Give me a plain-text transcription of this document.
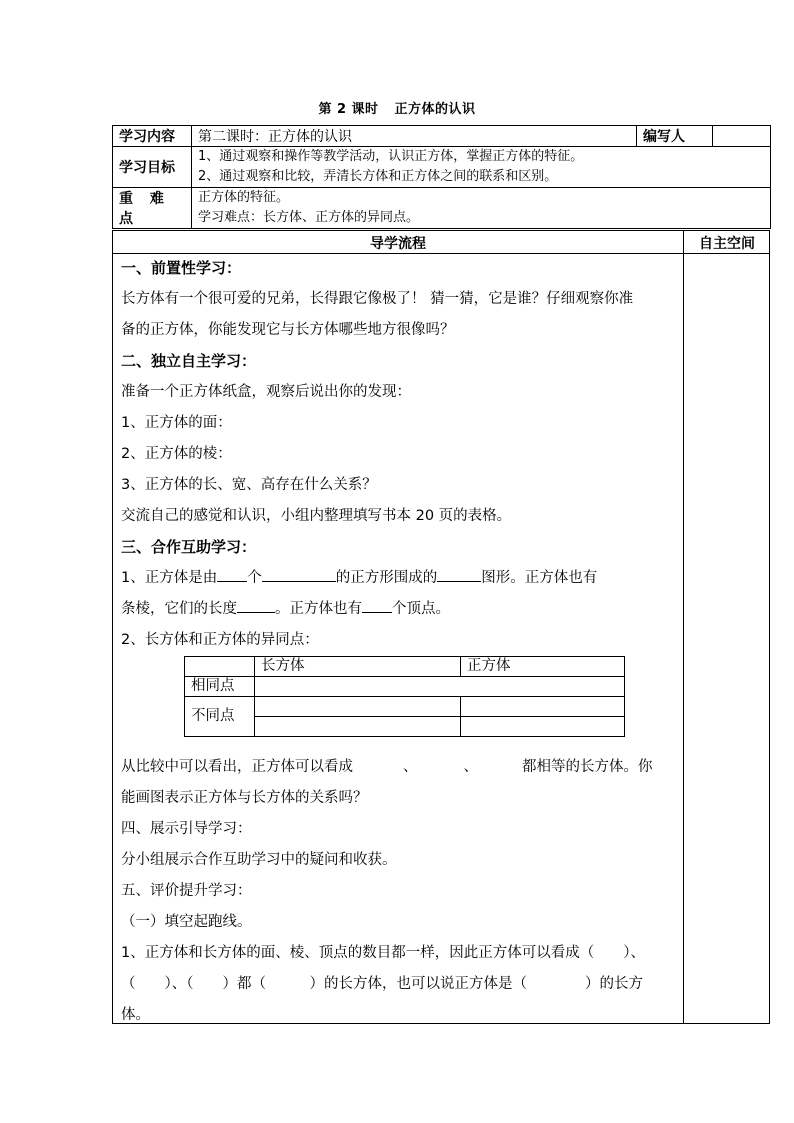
第 2 课时 正方体的认识
学习内容	第二课时：正方体的认识	编写人	
学习目标	1、通过观察和操作等教学活动，认识正方体，掌握正方体的特征。
2、通过观察和比较，弄清长方体和正方体之间的联系和区别。		

重 难 点	正方体的特征。
学习难点：长方体、正方体的异同点。		
导学流程	自主空间
一、前置性学习：
长方体有一个很可爱的兄弟，长得跟它像极了！ 猜一猜，它是谁？仔细观察你准
备的正方体，你能发现它与长方体哪些地方很像吗？
二、独立自主学习：
准备一个正方体纸盒，观察后说出你的发现：
1、正方体的面：
2、正方体的棱：
3、正方体的长、宽、高存在什么关系？
交流自己的感觉和认识，小组内整理填写书本 20 页的表格。
三、合作互助学习：
1、正方体是由 个	的正方形围成的	图形。正方体也有
条棱，它们的长度	。正方体也有 个顶点。
2、长方体和正方体的异同点：
	长方体	正方体
相同点		
不同点		

从比较中可以看出，正方体可以看成	、	、	都相等的长方体。你
能画图表示正方体与长方体的关系吗？
四、展示引导学习：
分小组展示合作互助学习中的疑问和收获。
五、评价提升学习：
（一）填空起跑线。
1、正方体和长方体的面、棱、顶点的数目都一样，因此正方体可以看成（　　）、
（　　）、（　　）都（　　　）的长方体，也可以说正方体是（　　　　）的长方
体。
